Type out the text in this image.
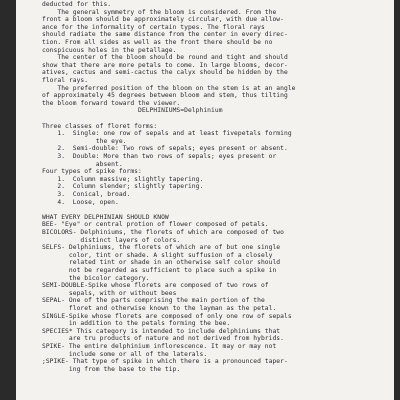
deducted for this.
The general symmetry of the bloom is considered. From the
front a bloom should be approximately circular, with due allow-
ance for the informality of certain types. The floral rays
should radiate the same distance from the center in every direc-
tion. From all sides as well as the front there should be no
conspicuous holes in the petallage.
The center of the bloom should be round and tight and should
show that there are more petals to come. In large blooms, decor-
atives, cactus and semi-cactus the calyx should be hidden by the
floral rays.
The preferred position of the bloom on the stem is at an angle
of approximately 45 degrees between bloom and stem, thus tilting
the bloom forward toward the viewer.
DELPHINIUMS=Delphinium
Three classes of floret forms:
1.  Single: one row of sepals and at least fivepetals forming
the eye.
2.  Semi-double: Two rows of sepals; eyes present or absent.
3.  Double: More than two rows of sepals; eyes present or
absent.
Four types of spike forms:
1.  Column massive; slightly tapering.
2.  Column slender; slightly tapering.
3.  Conical, broad.
4.  Loose, open.
WHAT EVERY DELPHINIAN SHOULD KNOW
BEE- "Eye" or central protion of flower composed of petals.
BICOLORS- Delphiniums, the florets of which are composed of two
distinct layers of colors.
SELFS- Delphiniums, the florets of which are of but one single
color, tint or shade. A slight suffusion of a closely
related tint or shade in an otherwise self color should
not be regarded as sufficient to place such a spike in
the bicolor category.
SEMI-DOUBLE-Spike whose florets are composed of two rows of
sepals, with or without bees
SEPAL- One of the parts comprising the main portion of the
floret and otherwise known to the layman as the petal.
SINGLE-Spike whose florets are composed of only one row of sepals
in addition to the petals forming the bee.
SPECIES* This category is intended to include delphiniums that
are tru products of nature and not derived from hybrids.
SPIKE- The entire delphinium inflorescence. It may or may not
include some or all of the laterals.
;SPIKE- That type of spike in which there is a pronounced taper-
ing from the base to the tip.
